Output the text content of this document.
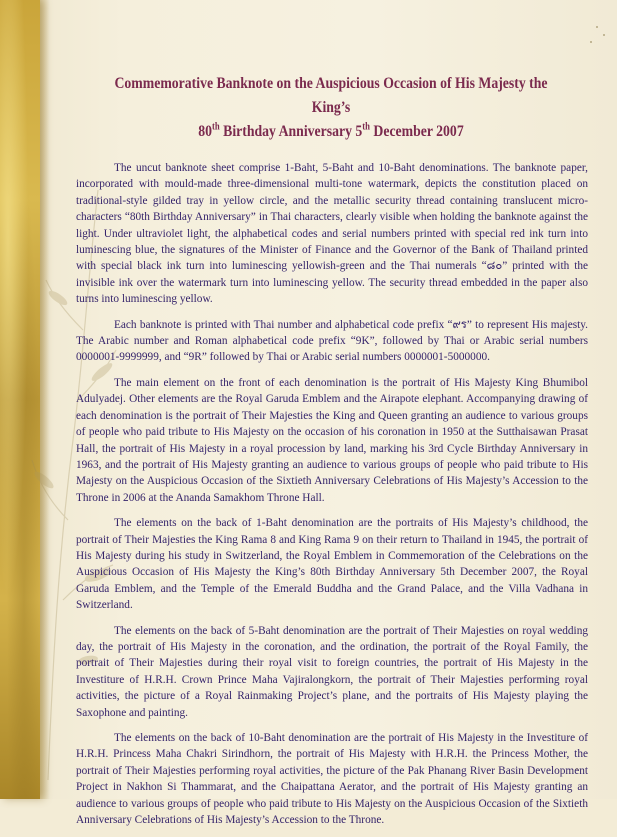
Commemorative Banknote on the Auspicious Occasion of His Majesty the King’s
80th Birthday Anniversary 5th December 2007

The uncut banknote sheet comprise 1-Baht, 5-Baht and 10-Baht denominations. The banknote paper, incorporated with mould-made three-dimensional multi-tone watermark, depicts the constitution placed on traditional-style gilded tray in yellow circle, and the metallic security thread containing translucent micro-characters “80th Birthday Anniversary” in Thai characters, clearly visible when holding the banknote against the light. Under ultraviolet light, the alphabetical codes and serial numbers printed with special red ink turn into luminescing blue, the signatures of the Minister of Finance and the Governor of the Bank of Thailand printed with special black ink turn into luminescing yellowish-green and the Thai numerals “๘๐” printed with the invisible ink over the watermark turn into luminescing yellow. The security thread embedded in the paper also turns into luminescing yellow.

Each banknote is printed with Thai number and alphabetical code prefix “๙ร” to represent His majesty. The Arabic number and Roman alphabetical code prefix “9K”, followed by Thai or Arabic serial numbers 0000001-9999999, and “9R” followed by Thai or Arabic serial numbers 0000001-5000000.

The main element on the front of each denomination is the portrait of His Majesty King Bhumibol Adulyadej. Other elements are the Royal Garuda Emblem and the Airapote elephant. Accompanying drawing of each denomination is the portrait of Their Majesties the King and Queen granting an audience to various groups of people who paid tribute to His Majesty on the occasion of his coronation in 1950 at the Sutthaisawan Prasat Hall, the portrait of His Majesty in a royal procession by land, marking his 3rd Cycle Birthday Anniversary in 1963, and the portrait of His Majesty granting an audience to various groups of people who paid tribute to His Majesty on the Auspicious Occasion of the Sixtieth Anniversary Celebrations of His Majesty’s Accession to the Throne in 2006 at the Ananda Samakhom Throne Hall.

The elements on the back of 1-Baht denomination are the portraits of His Majesty’s childhood, the portrait of Their Majesties the King Rama 8 and King Rama 9 on their return to Thailand in 1945, the portrait of His Majesty during his study in Switzerland, the Royal Emblem in Commemoration of the Celebrations on the Auspicious Occasion of His Majesty the King’s 80th Birthday Anniversary 5th December 2007, the Royal Garuda Emblem, and the Temple of the Emerald Buddha and the Grand Palace, and the Villa Vadhana in Switzerland.

The elements on the back of 5-Baht denomination are the portrait of Their Majesties on royal wedding day, the portrait of His Majesty in the coronation, and the ordination, the portrait of the Royal Family, the portrait of Their Majesties during their royal visit to foreign countries, the portrait of His Majesty in the Investiture of H.R.H. Crown Prince Maha Vajiralongkorn, the portrait of Their Majesties performing royal activities, the picture of a Royal Rainmaking Project’s plane, and the portraits of His Majesty playing the Saxophone and painting.

The elements on the back of 10-Baht denomination are the portrait of His Majesty in the Investiture of H.R.H. Princess Maha Chakri Sirindhorn, the portrait of His Majesty with H.R.H. the Princess Mother, the portrait of Their Majesties performing royal activities, the picture of the Pak Phanang River Basin Development Project in Nakhon Si Thammarat, and the Chaipattana Aerator, and the portrait of His Majesty granting an audience to various groups of people who paid tribute to His Majesty on the Auspicious Occasion of the Sixtieth Anniversary Celebrations of His Majesty’s Accession to the Throne.
